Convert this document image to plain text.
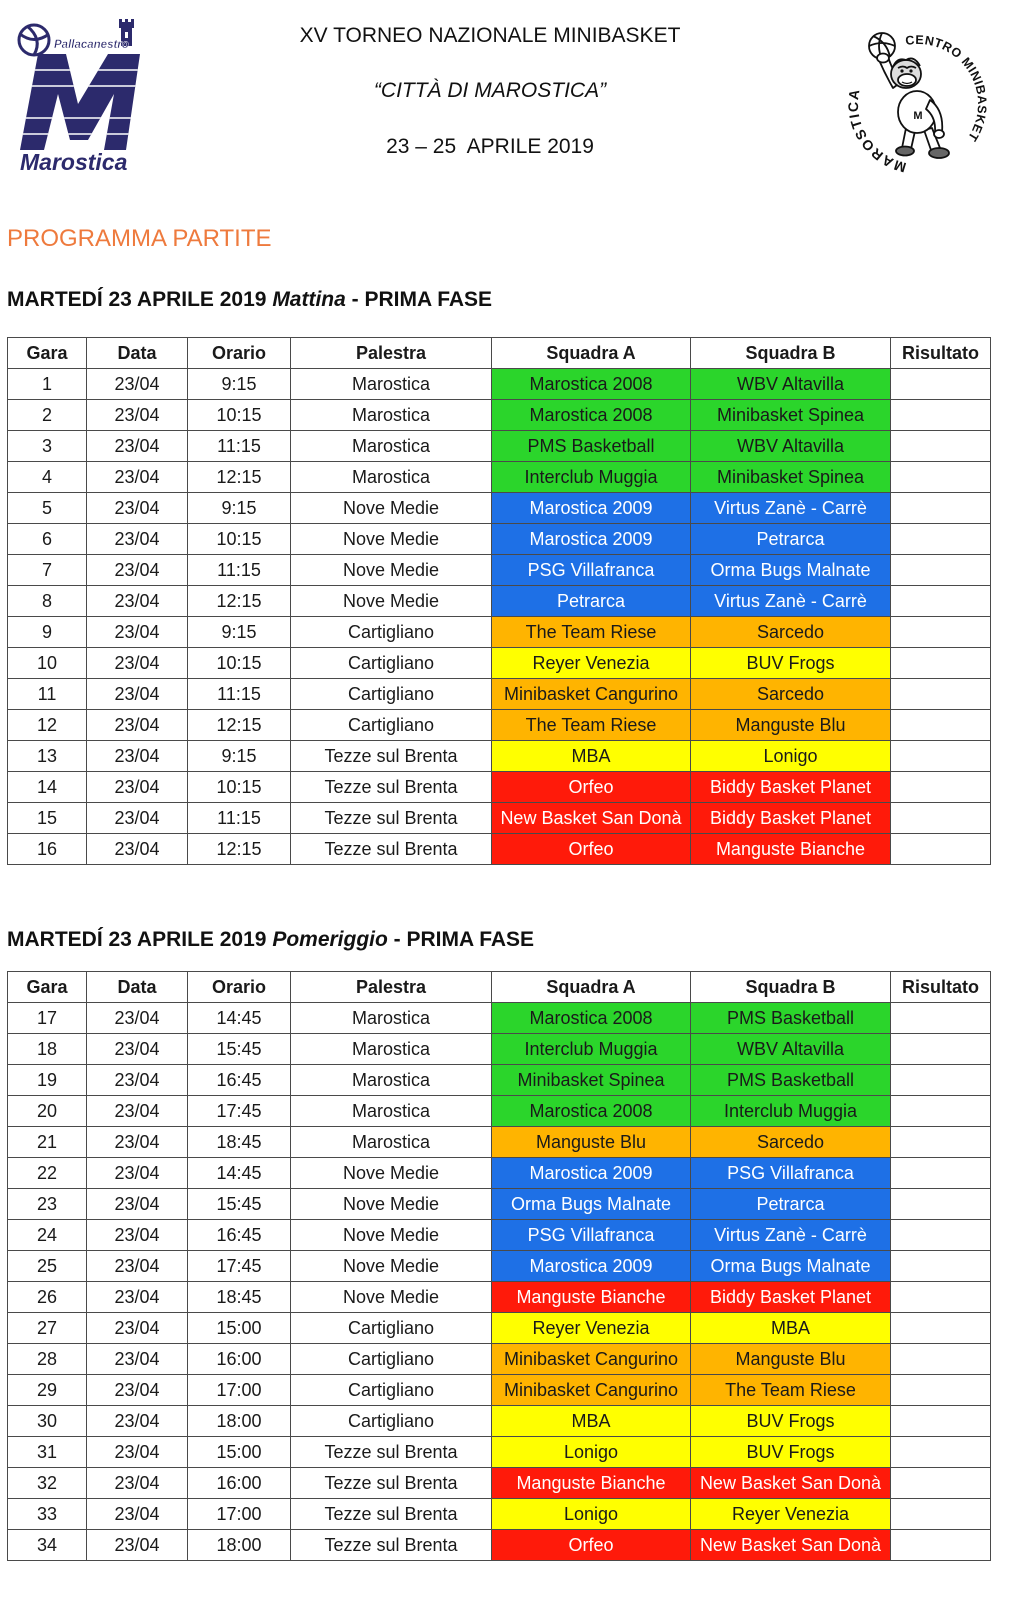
Pallacanestro
Marostica
XV TORNEO NAZIONALE MINIBASKET
“CITTÀ DI MAROSTICA”
23 – 25  APRILE 2019
MAROSTICA
CENTRO MINIBASKET
M
PROGRAMMA PARTITE
MARTEDÍ 23 APRILE 2019 Mattina - PRIMA FASE
Gara	Data	Orario	Palestra	Squadra A	Squadra B	Risultato
1	23/04	9:15	Marostica	Marostica 2008	WBV Altavilla	
2	23/04	10:15	Marostica	Marostica 2008	Minibasket Spinea	
3	23/04	11:15	Marostica	PMS Basketball	WBV Altavilla	
4	23/04	12:15	Marostica	Interclub Muggia	Minibasket Spinea	
5	23/04	9:15	Nove Medie	Marostica 2009	Virtus Zanè - Carrè	
6	23/04	10:15	Nove Medie	Marostica 2009	Petrarca	
7	23/04	11:15	Nove Medie	PSG Villafranca	Orma Bugs Malnate	
8	23/04	12:15	Nove Medie	Petrarca	Virtus Zanè - Carrè	
9	23/04	9:15	Cartigliano	The Team Riese	Sarcedo	
10	23/04	10:15	Cartigliano	Reyer Venezia	BUV Frogs	
11	23/04	11:15	Cartigliano	Minibasket Cangurino	Sarcedo	
12	23/04	12:15	Cartigliano	The Team Riese	Manguste Blu	
13	23/04	9:15	Tezze sul Brenta	MBA	Lonigo	
14	23/04	10:15	Tezze sul Brenta	Orfeo	Biddy Basket Planet	
15	23/04	11:15	Tezze sul Brenta	New Basket San Donà	Biddy Basket Planet	
16	23/04	12:15	Tezze sul Brenta	Orfeo	Manguste Bianche	
MARTEDÍ 23 APRILE 2019 Pomeriggio - PRIMA FASE
Gara	Data	Orario	Palestra	Squadra A	Squadra B	Risultato
17	23/04	14:45	Marostica	Marostica 2008	PMS Basketball	
18	23/04	15:45	Marostica	Interclub Muggia	WBV Altavilla	
19	23/04	16:45	Marostica	Minibasket Spinea	PMS Basketball	
20	23/04	17:45	Marostica	Marostica 2008	Interclub Muggia	
21	23/04	18:45	Marostica	Manguste Blu	Sarcedo	
22	23/04	14:45	Nove Medie	Marostica 2009	PSG Villafranca	
23	23/04	15:45	Nove Medie	Orma Bugs Malnate	Petrarca	
24	23/04	16:45	Nove Medie	PSG Villafranca	Virtus Zanè - Carrè	
25	23/04	17:45	Nove Medie	Marostica 2009	Orma Bugs Malnate	
26	23/04	18:45	Nove Medie	Manguste Bianche	Biddy Basket Planet	
27	23/04	15:00	Cartigliano	Reyer Venezia	MBA	
28	23/04	16:00	Cartigliano	Minibasket Cangurino	Manguste Blu	
29	23/04	17:00	Cartigliano	Minibasket Cangurino	The Team Riese	
30	23/04	18:00	Cartigliano	MBA	BUV Frogs	
31	23/04	15:00	Tezze sul Brenta	Lonigo	BUV Frogs	
32	23/04	16:00	Tezze sul Brenta	Manguste Bianche	New Basket San Donà	
33	23/04	17:00	Tezze sul Brenta	Lonigo	Reyer Venezia	
34	23/04	18:00	Tezze sul Brenta	Orfeo	New Basket San Donà	
